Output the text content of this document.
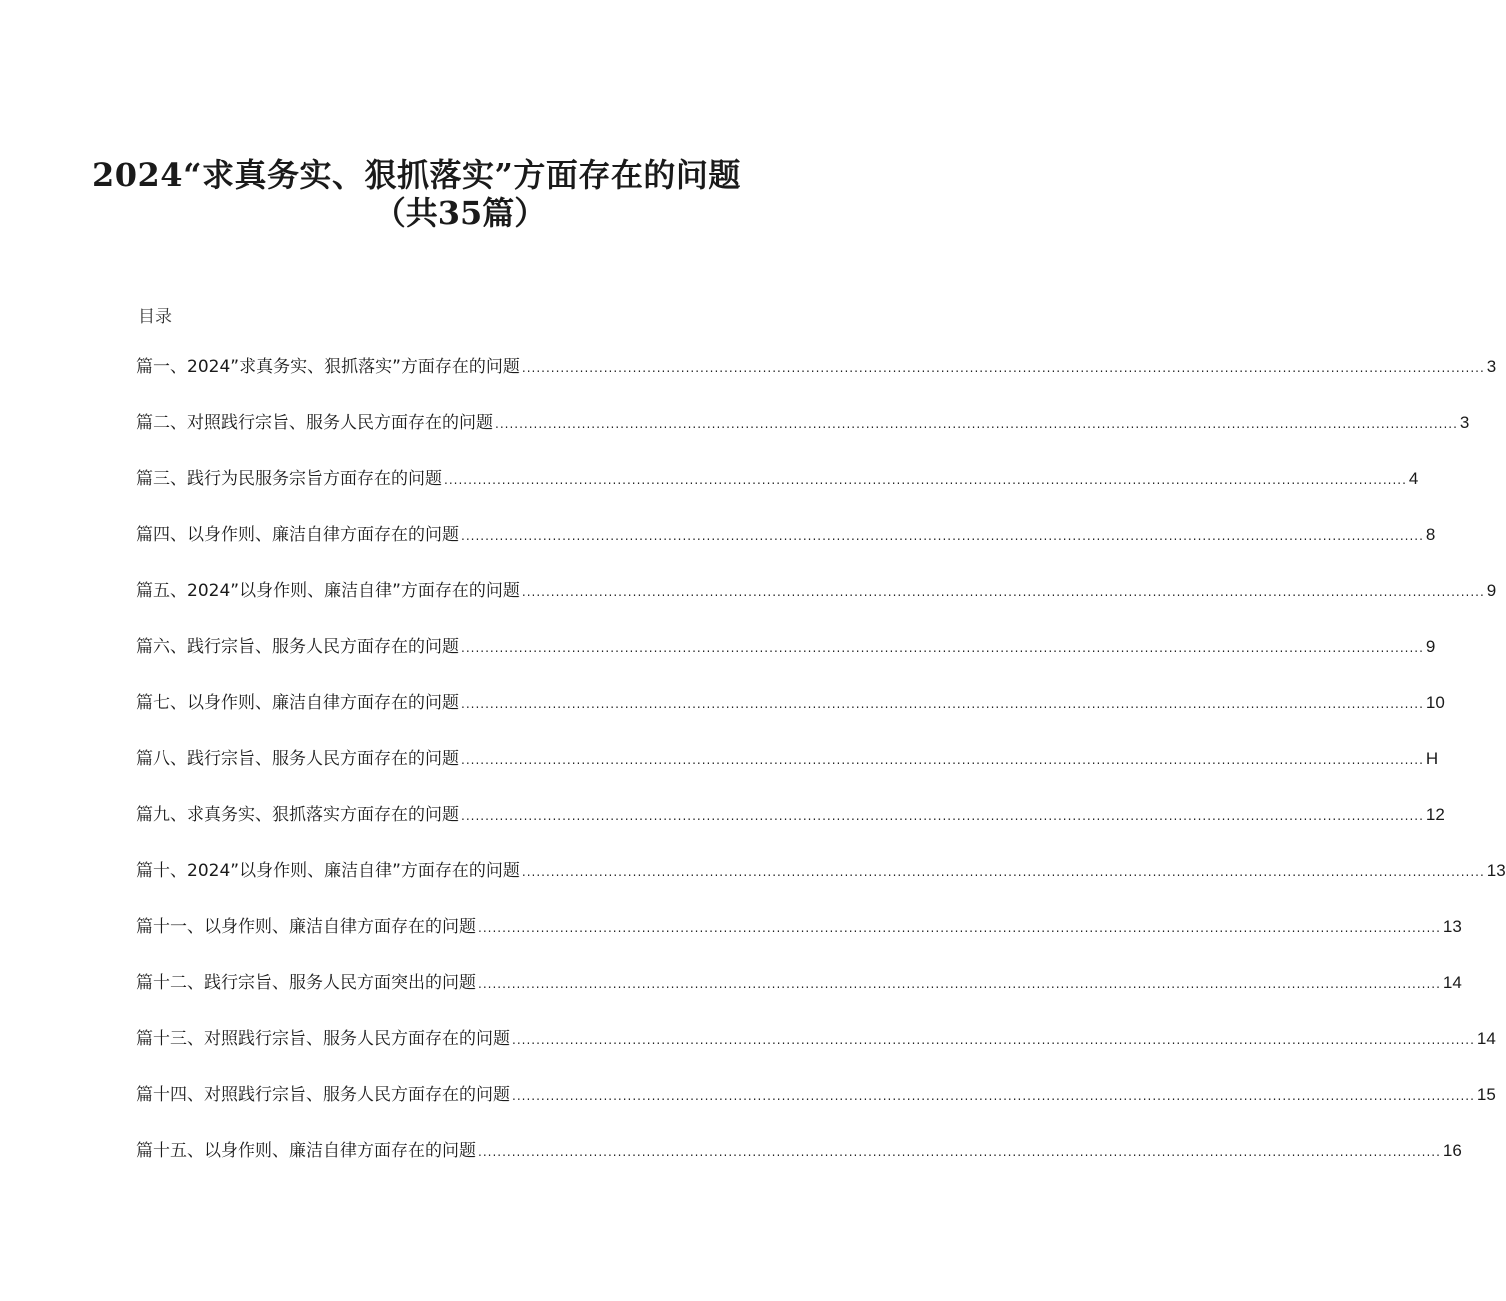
2024“求真务实、狠抓落实”方面存在的问题
（共35篇）
目录
篇一、2024”求真务实、狠抓落实”方面存在的问题 ........................................................................................................................................................................................................ 3
篇二、对照践行宗旨、服务人民方面存在的问题 ........................................................................................................................................................................................................ 3
篇三、践行为民服务宗旨方面存在的问题 ........................................................................................................................................................................................................ 4
篇四、以身作则、廉洁自律方面存在的问题 ........................................................................................................................................................................................................ 8
篇五、2024”以身作则、廉洁自律”方面存在的问题 ........................................................................................................................................................................................................ 9
篇六、践行宗旨、服务人民方面存在的问题 ........................................................................................................................................................................................................ 9
篇七、以身作则、廉洁自律方面存在的问题 ........................................................................................................................................................................................................ 10
篇八、践行宗旨、服务人民方面存在的问题 ........................................................................................................................................................................................................ H
篇九、求真务实、狠抓落实方面存在的问题 ........................................................................................................................................................................................................ 12
篇十、2024”以身作则、廉洁自律”方面存在的问题 ........................................................................................................................................................................................................ 13
篇十一、以身作则、廉洁自律方面存在的问题 ........................................................................................................................................................................................................ 13
篇十二、践行宗旨、服务人民方面突出的问题 ........................................................................................................................................................................................................ 14
篇十三、对照践行宗旨、服务人民方面存在的问题 ........................................................................................................................................................................................................ 14
篇十四、对照践行宗旨、服务人民方面存在的问题 ........................................................................................................................................................................................................ 15
篇十五、以身作则、廉洁自律方面存在的问题 ........................................................................................................................................................................................................ 16
